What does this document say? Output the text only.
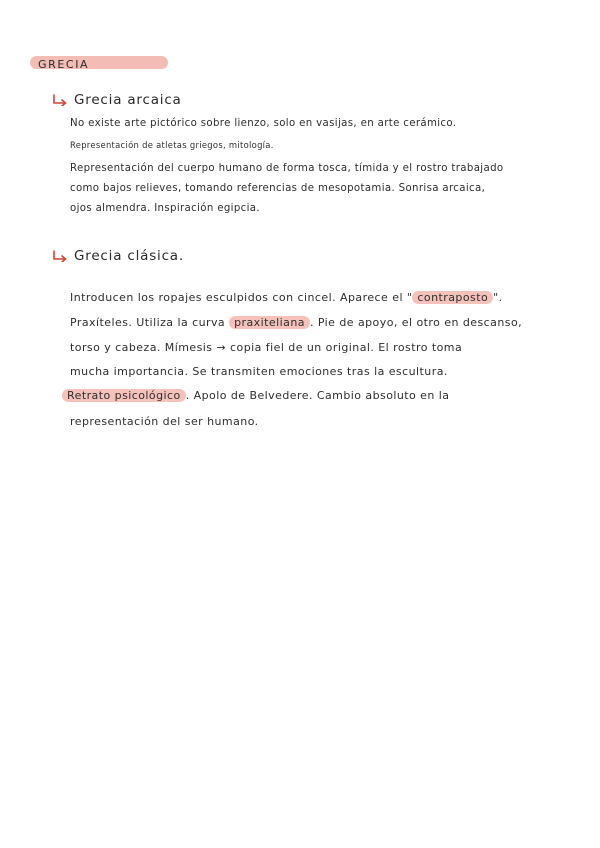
GRECIA
Grecia arcaica
No existe arte pictórico sobre lienzo, solo en vasijas, en arte cerámico.
Representación de atletas griegos, mitología.
Representación del cuerpo humano de forma tosca, tímida y el rostro trabajado
como bajos relieves, tomando referencias de mesopotamia. Sonrisa arcaica,
ojos almendra. Inspiración egipcia.
Grecia clásica.
Introducen los ropajes esculpidos con cincel. Aparece el " contraposto ".
Praxíteles. Utiliza la curva praxiteliana . Pie de apoyo, el otro en descanso,
torso y cabeza. Mímesis → copia fiel de un original. El rostro toma
mucha importancia. Se transmiten emociones tras la escultura.
Retrato psicológico . Apolo de Belvedere. Cambio absoluto en la
representación del ser humano.
